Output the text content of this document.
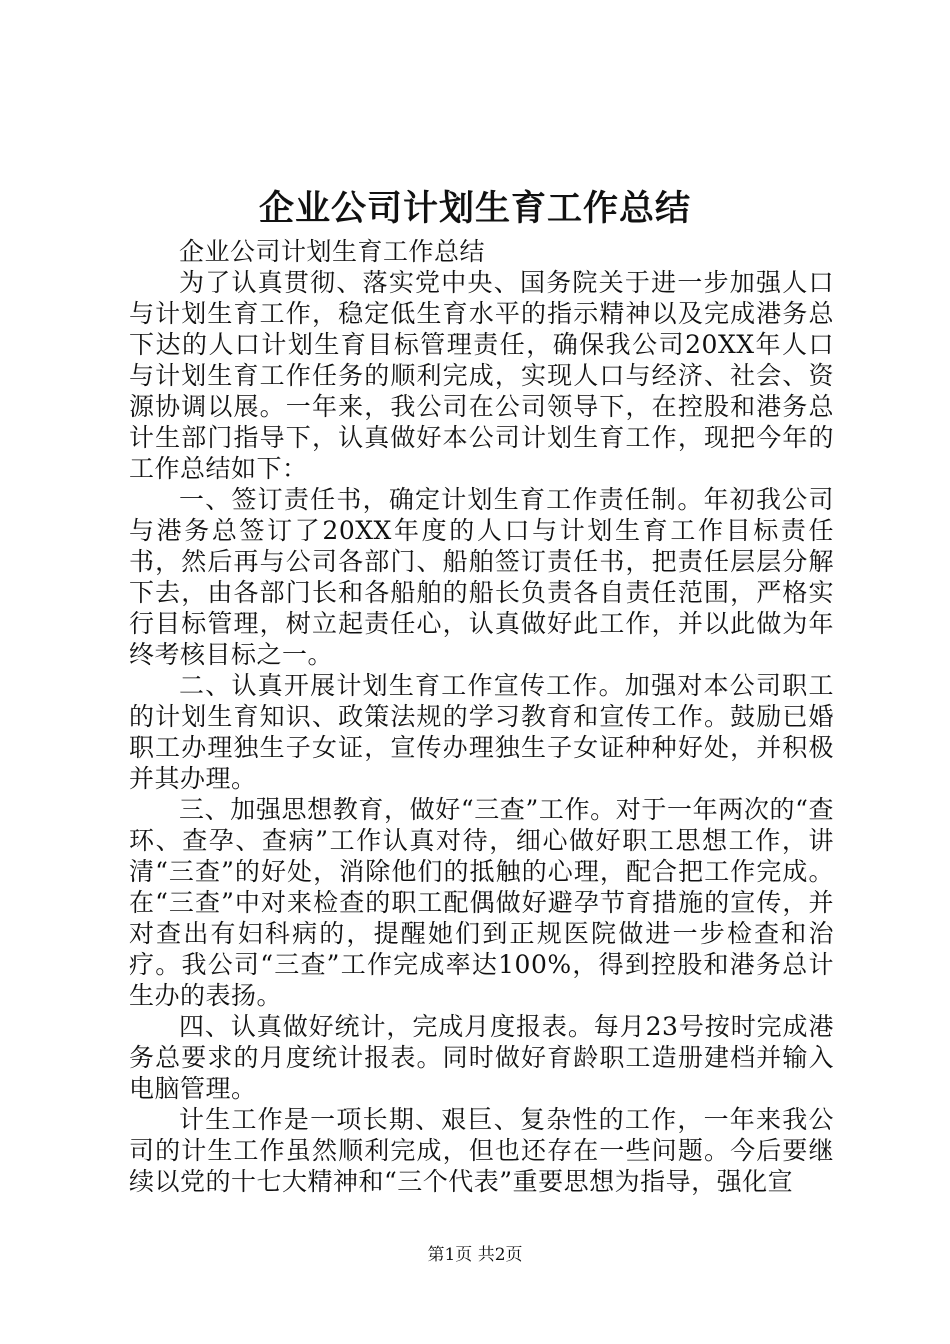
企业公司计划生育工作总结

企业公司计划生育工作总结

为了认真贯彻、落实党中央、国务院关于进一步加强人口与计划生育工作，稳定低生育水平的指示精神以及完成港务总下达的人口计划生育目标管理责任，确保我公司20XX年人口与计划生育工作任务的顺利完成，实现人口与经济、社会、资源协调以展。一年来，我公司在公司领导下，在控股和港务总计生部门指导下，认真做好本公司计划生育工作，现把今年的工作总结如下：

一、签订责任书，确定计划生育工作责任制。年初我公司与港务总签订了20XX年度的人口与计划生育工作目标责任书，然后再与公司各部门、船舶签订责任书，把责任层层分解下去，由各部门长和各船舶的船长负责各自责任范围，严格实行目标管理，树立起责任心，认真做好此工作，并以此做为年终考核目标之一。

二、认真开展计划生育工作宣传工作。加强对本公司职工的计划生育知识、政策法规的学习教育和宣传工作。鼓励已婚职工办理独生子女证，宣传办理独生子女证种种好处，并积极并其办理。

三、加强思想教育，做好“三查”工作。对于一年两次的“查环、查孕、查病”工作认真对待，细心做好职工思想工作，讲清“三查”的好处，消除他们的抵触的心理，配合把工作完成。在“三查”中对来检查的职工配偶做好避孕节育措施的宣传，并对查出有妇科病的，提醒她们到正规医院做进一步检查和治疗。我公司“三查”工作完成率达100%，得到控股和港务总计生办的表扬。

四、认真做好统计，完成月度报表。每月23号按时完成港务总要求的月度统计报表。同时做好育龄职工造册建档并输入电脑管理。

计生工作是一项长期、艰巨、复杂性的工作，一年来我公司的计生工作虽然顺利完成，但也还存在一些问题。今后要继续以党的十七大精神和“三个代表”重要思想为指导，强化宣

第1页 共2页
